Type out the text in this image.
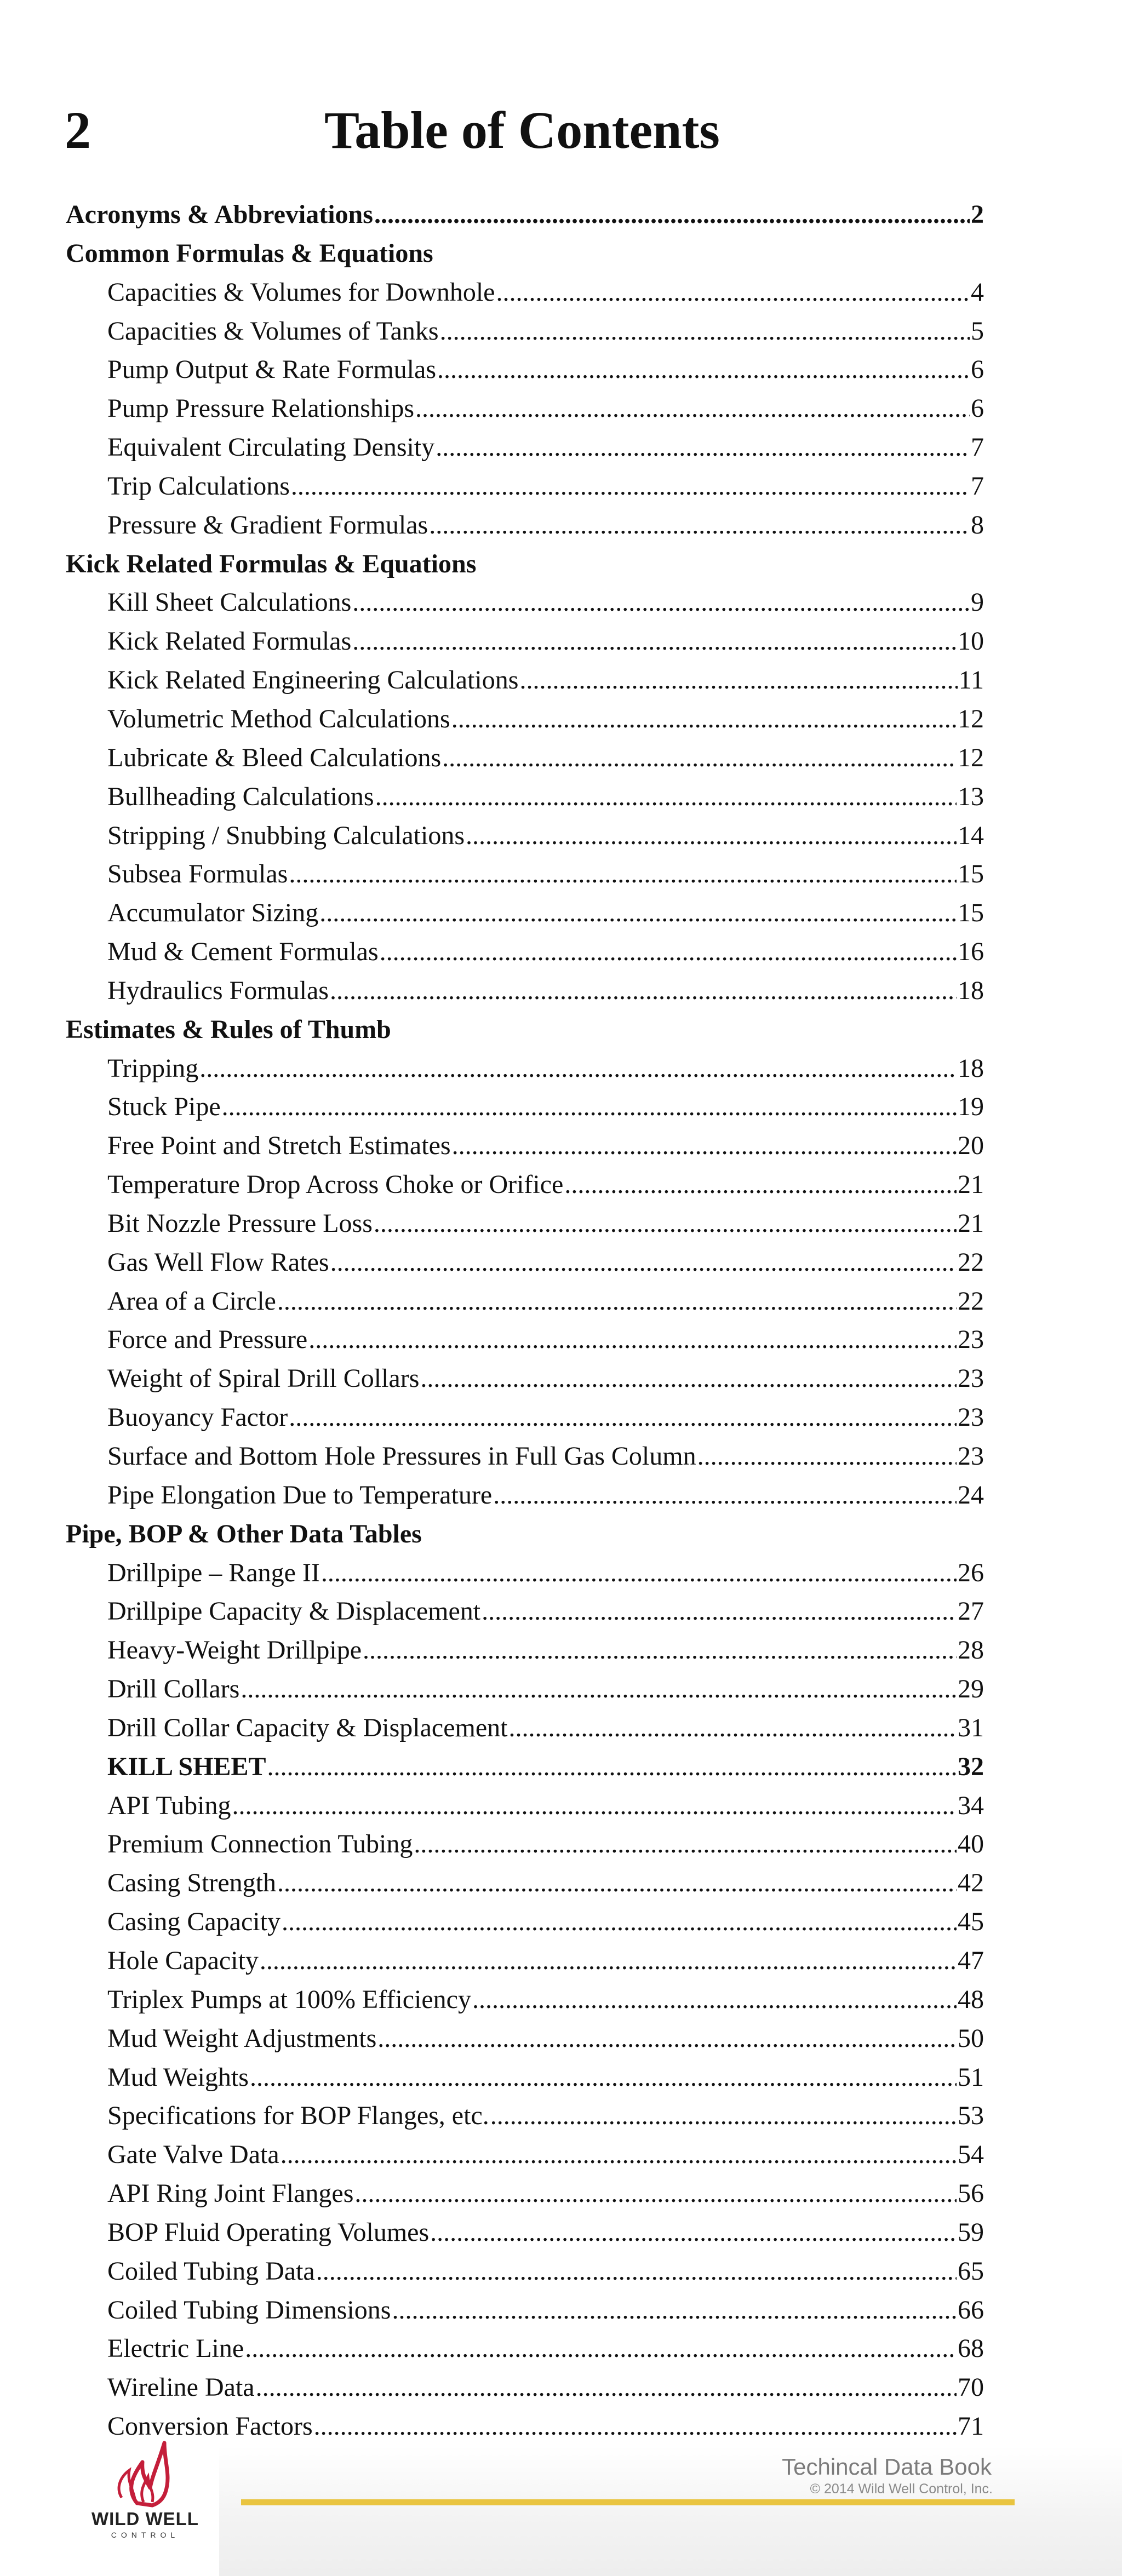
2	Table of Contents
Acronyms & Abbreviations .....	2
Common Formulas & Equations
Capacities & Volumes for Downhole .....	4
Capacities & Volumes of Tanks .....	5
Pump Output & Rate Formulas .....	6
Pump Pressure Relationships .....	6
Equivalent Circulating Density .....	7
Trip Calculations .....	7
Pressure & Gradient Formulas .....	8
Kick Related Formulas & Equations
Kill Sheet Calculations .....	9
Kick Related Formulas .....	10
Kick Related Engineering Calculations .....	11
Volumetric Method Calculations .....	12
Lubricate & Bleed Calculations .....	12
Bullheading Calculations .....	13
Stripping / Snubbing Calculations .....	14
Subsea Formulas .....	15
Accumulator Sizing .....	15
Mud & Cement Formulas .....	16
Hydraulics Formulas .....	18
Estimates & Rules of Thumb
Tripping .....	18
Stuck Pipe .....	19
Free Point and Stretch Estimates .....	20
Temperature Drop Across Choke or Orifice .....	21
Bit Nozzle Pressure Loss .....	21
Gas Well Flow Rates .....	22
Area of a Circle .....	22
Force and Pressure .....	23
Weight of Spiral Drill Collars .....	23
Buoyancy Factor .....	23
Surface and Bottom Hole Pressures in Full Gas Column .....	23
Pipe Elongation Due to Temperature .....	24
Pipe, BOP & Other Data Tables
Drillpipe – Range II .....	26
Drillpipe Capacity & Displacement .....	27
Heavy-Weight Drillpipe .....	28
Drill Collars .....	29
Drill Collar Capacity & Displacement .....	31
KILL SHEET .....	32
API Tubing .....	34
Premium Connection Tubing .....	40
Casing Strength .....	42
Casing Capacity .....	45
Hole Capacity .....	47
Triplex Pumps at 100% Efficiency .....	48
Mud Weight Adjustments .....	50
Mud Weights .....	51
Specifications for BOP Flanges, etc. .....	53
Gate Valve Data .....	54
API Ring Joint Flanges .....	56
BOP Fluid Operating Volumes .....	59
Coiled Tubing Data .....	65
Coiled Tubing Dimensions .....	66
Electric Line .....	68
Wireline Data .....	70
Conversion Factors .....	71
WILD WELL
CONTROL
Techincal Data Book
© 2014 Wild Well Control, Inc.
